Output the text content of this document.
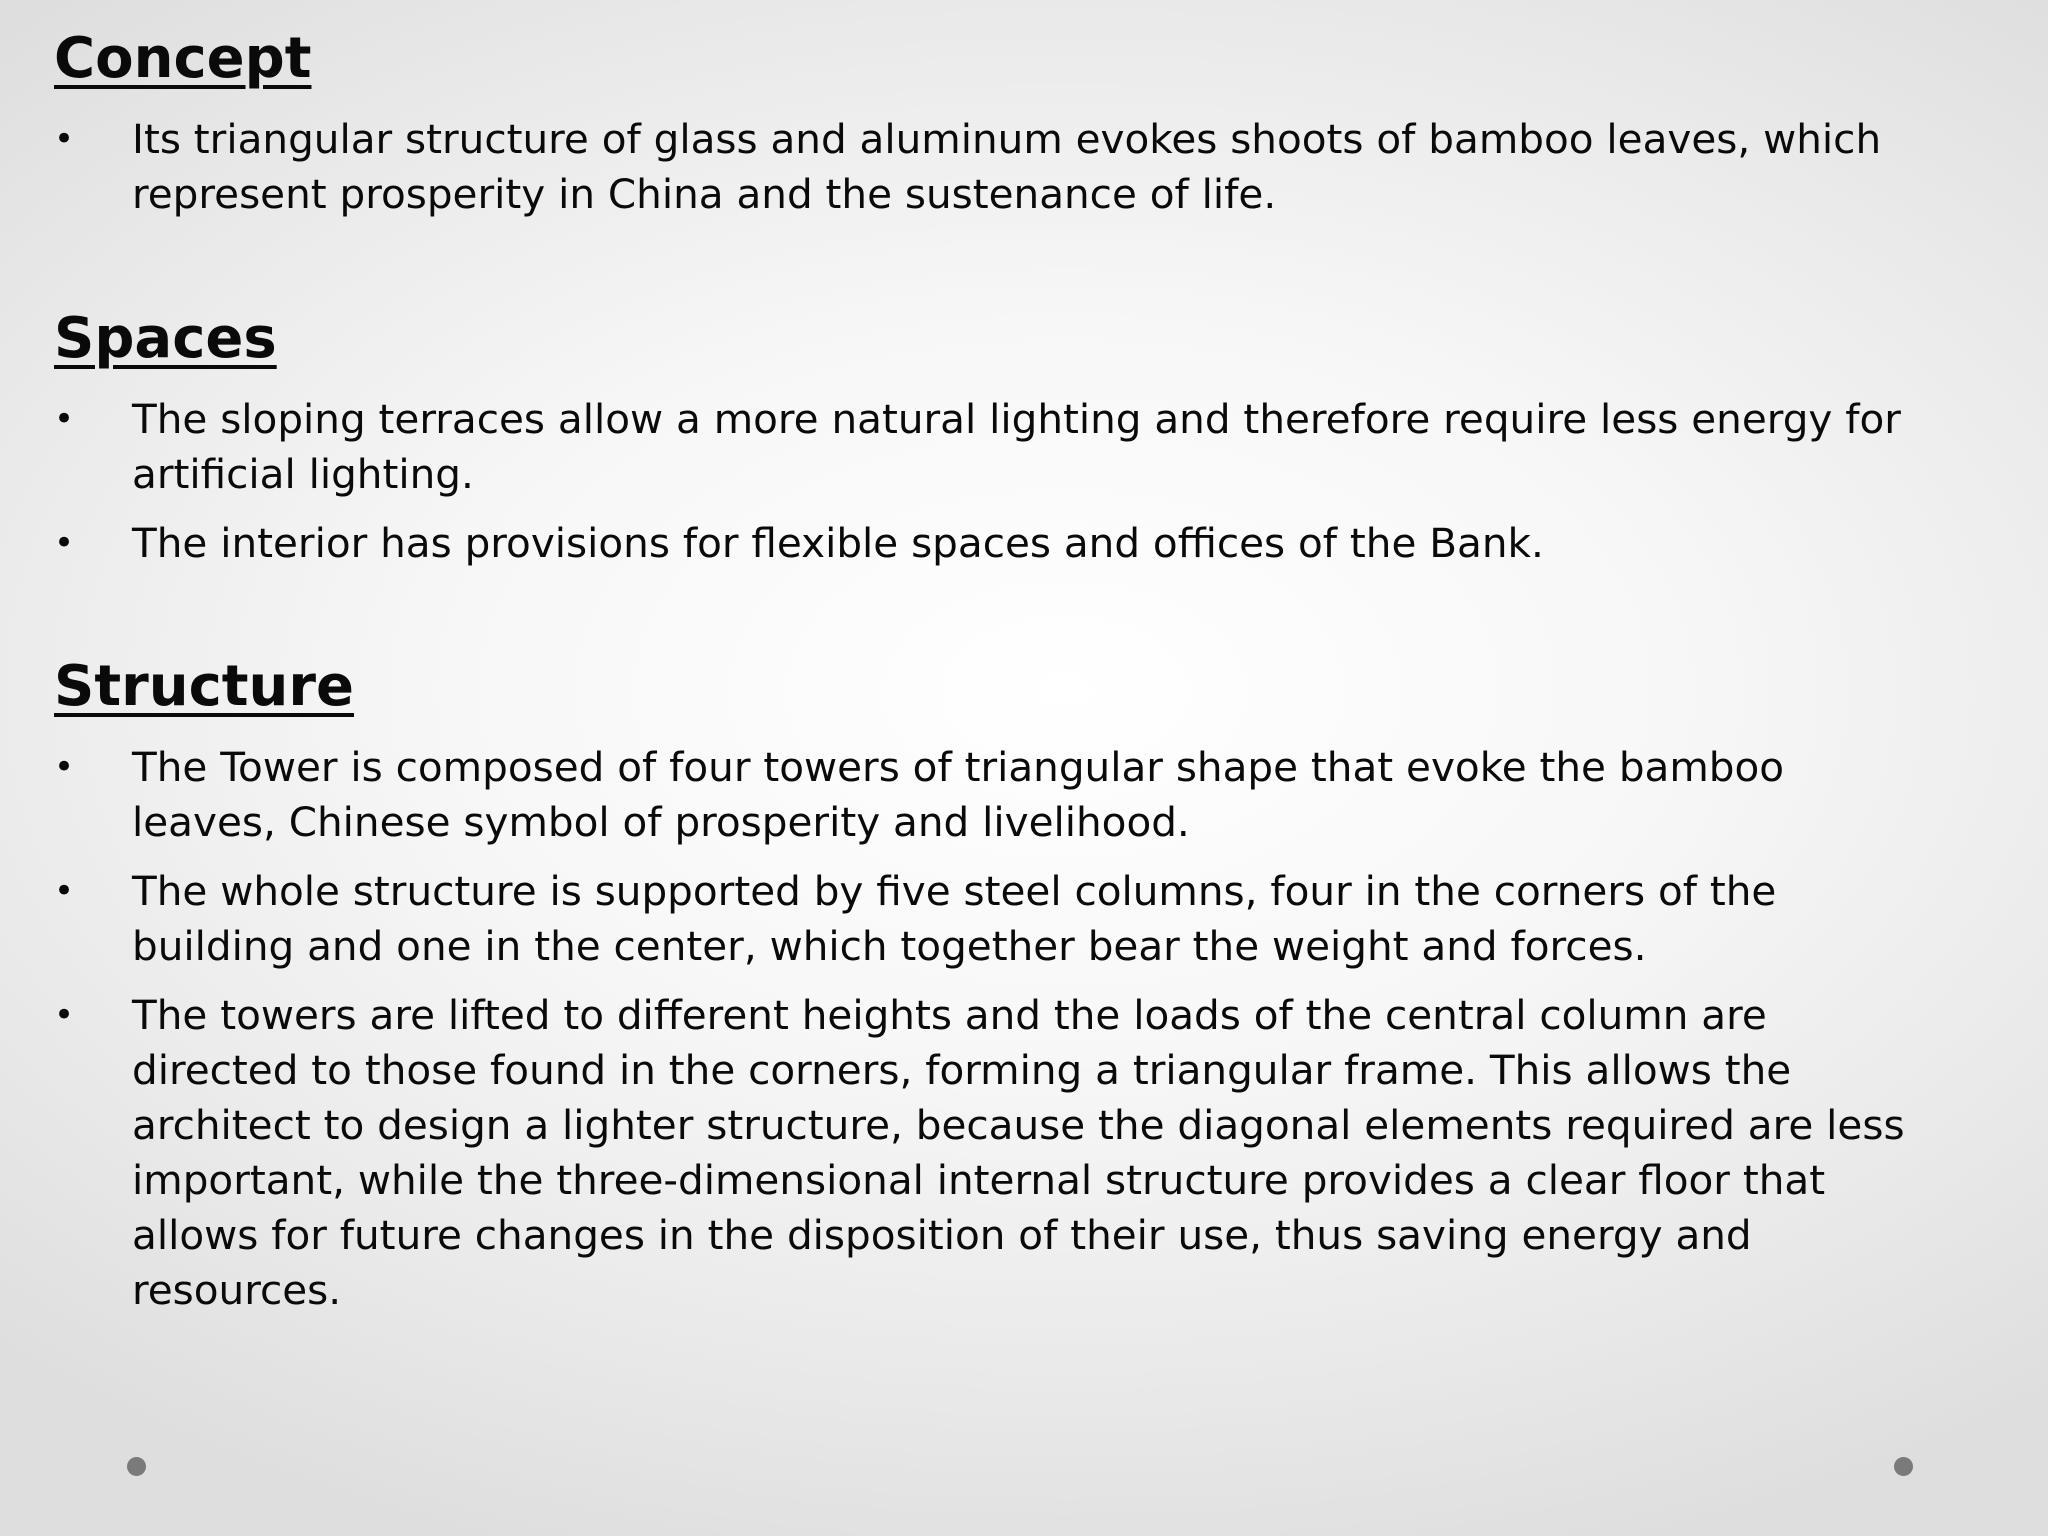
Concept
• Its triangular structure of glass and aluminum evokes shoots of bamboo leaves, which represent prosperity in China and the sustenance of life.
Spaces
• The sloping terraces allow a more natural lighting and therefore require less energy for artificial lighting.
• The interior has provisions for flexible spaces and offices of the Bank.
Structure
• The Tower is composed of four towers of triangular shape that evoke the bamboo leaves, Chinese symbol of prosperity and livelihood.
• The whole structure is supported by five steel columns, four in the corners of the building and one in the center, which together bear the weight and forces.
• The towers are lifted to different heights and the loads of the central column are directed to those found in the corners, forming a triangular frame. This allows the architect to design a lighter structure, because the diagonal elements required are less important, while the three-dimensional internal structure provides a clear floor that allows for future changes in the disposition of their use, thus saving energy and resources.
